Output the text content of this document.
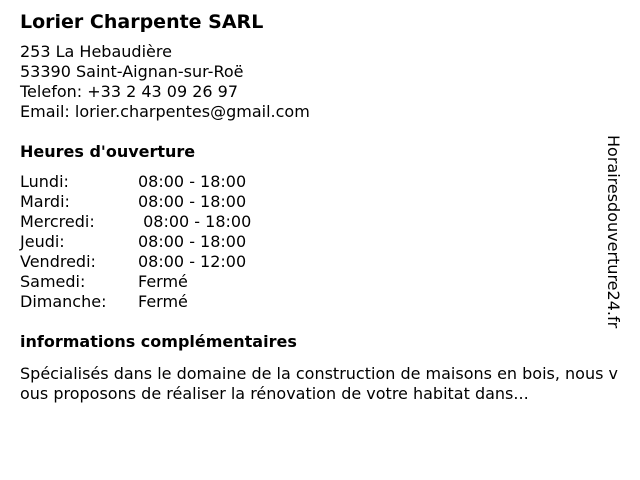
Lorier Charpente SARL
253 La Hebaudière
53390 Saint-Aignan-sur-Roë
Telefon: +33 2 43 09 26 97
Email: lorier.charpentes@gmail.com
Heures d'ouverture
Lundi:	08:00 - 18:00
Mardi:	08:00 - 18:00
Mercredi:	08:00 - 18:00
Jeudi:	08:00 - 18:00
Vendredi:	08:00 - 12:00
Samedi:	Fermé
Dimanche:	Fermé
informations complémentaires
Spécialisés dans le domaine de la construction de maisons en bois, nous vous proposons de réaliser la rénovation de votre habitat dans...
Horairesdouverture24.fr
